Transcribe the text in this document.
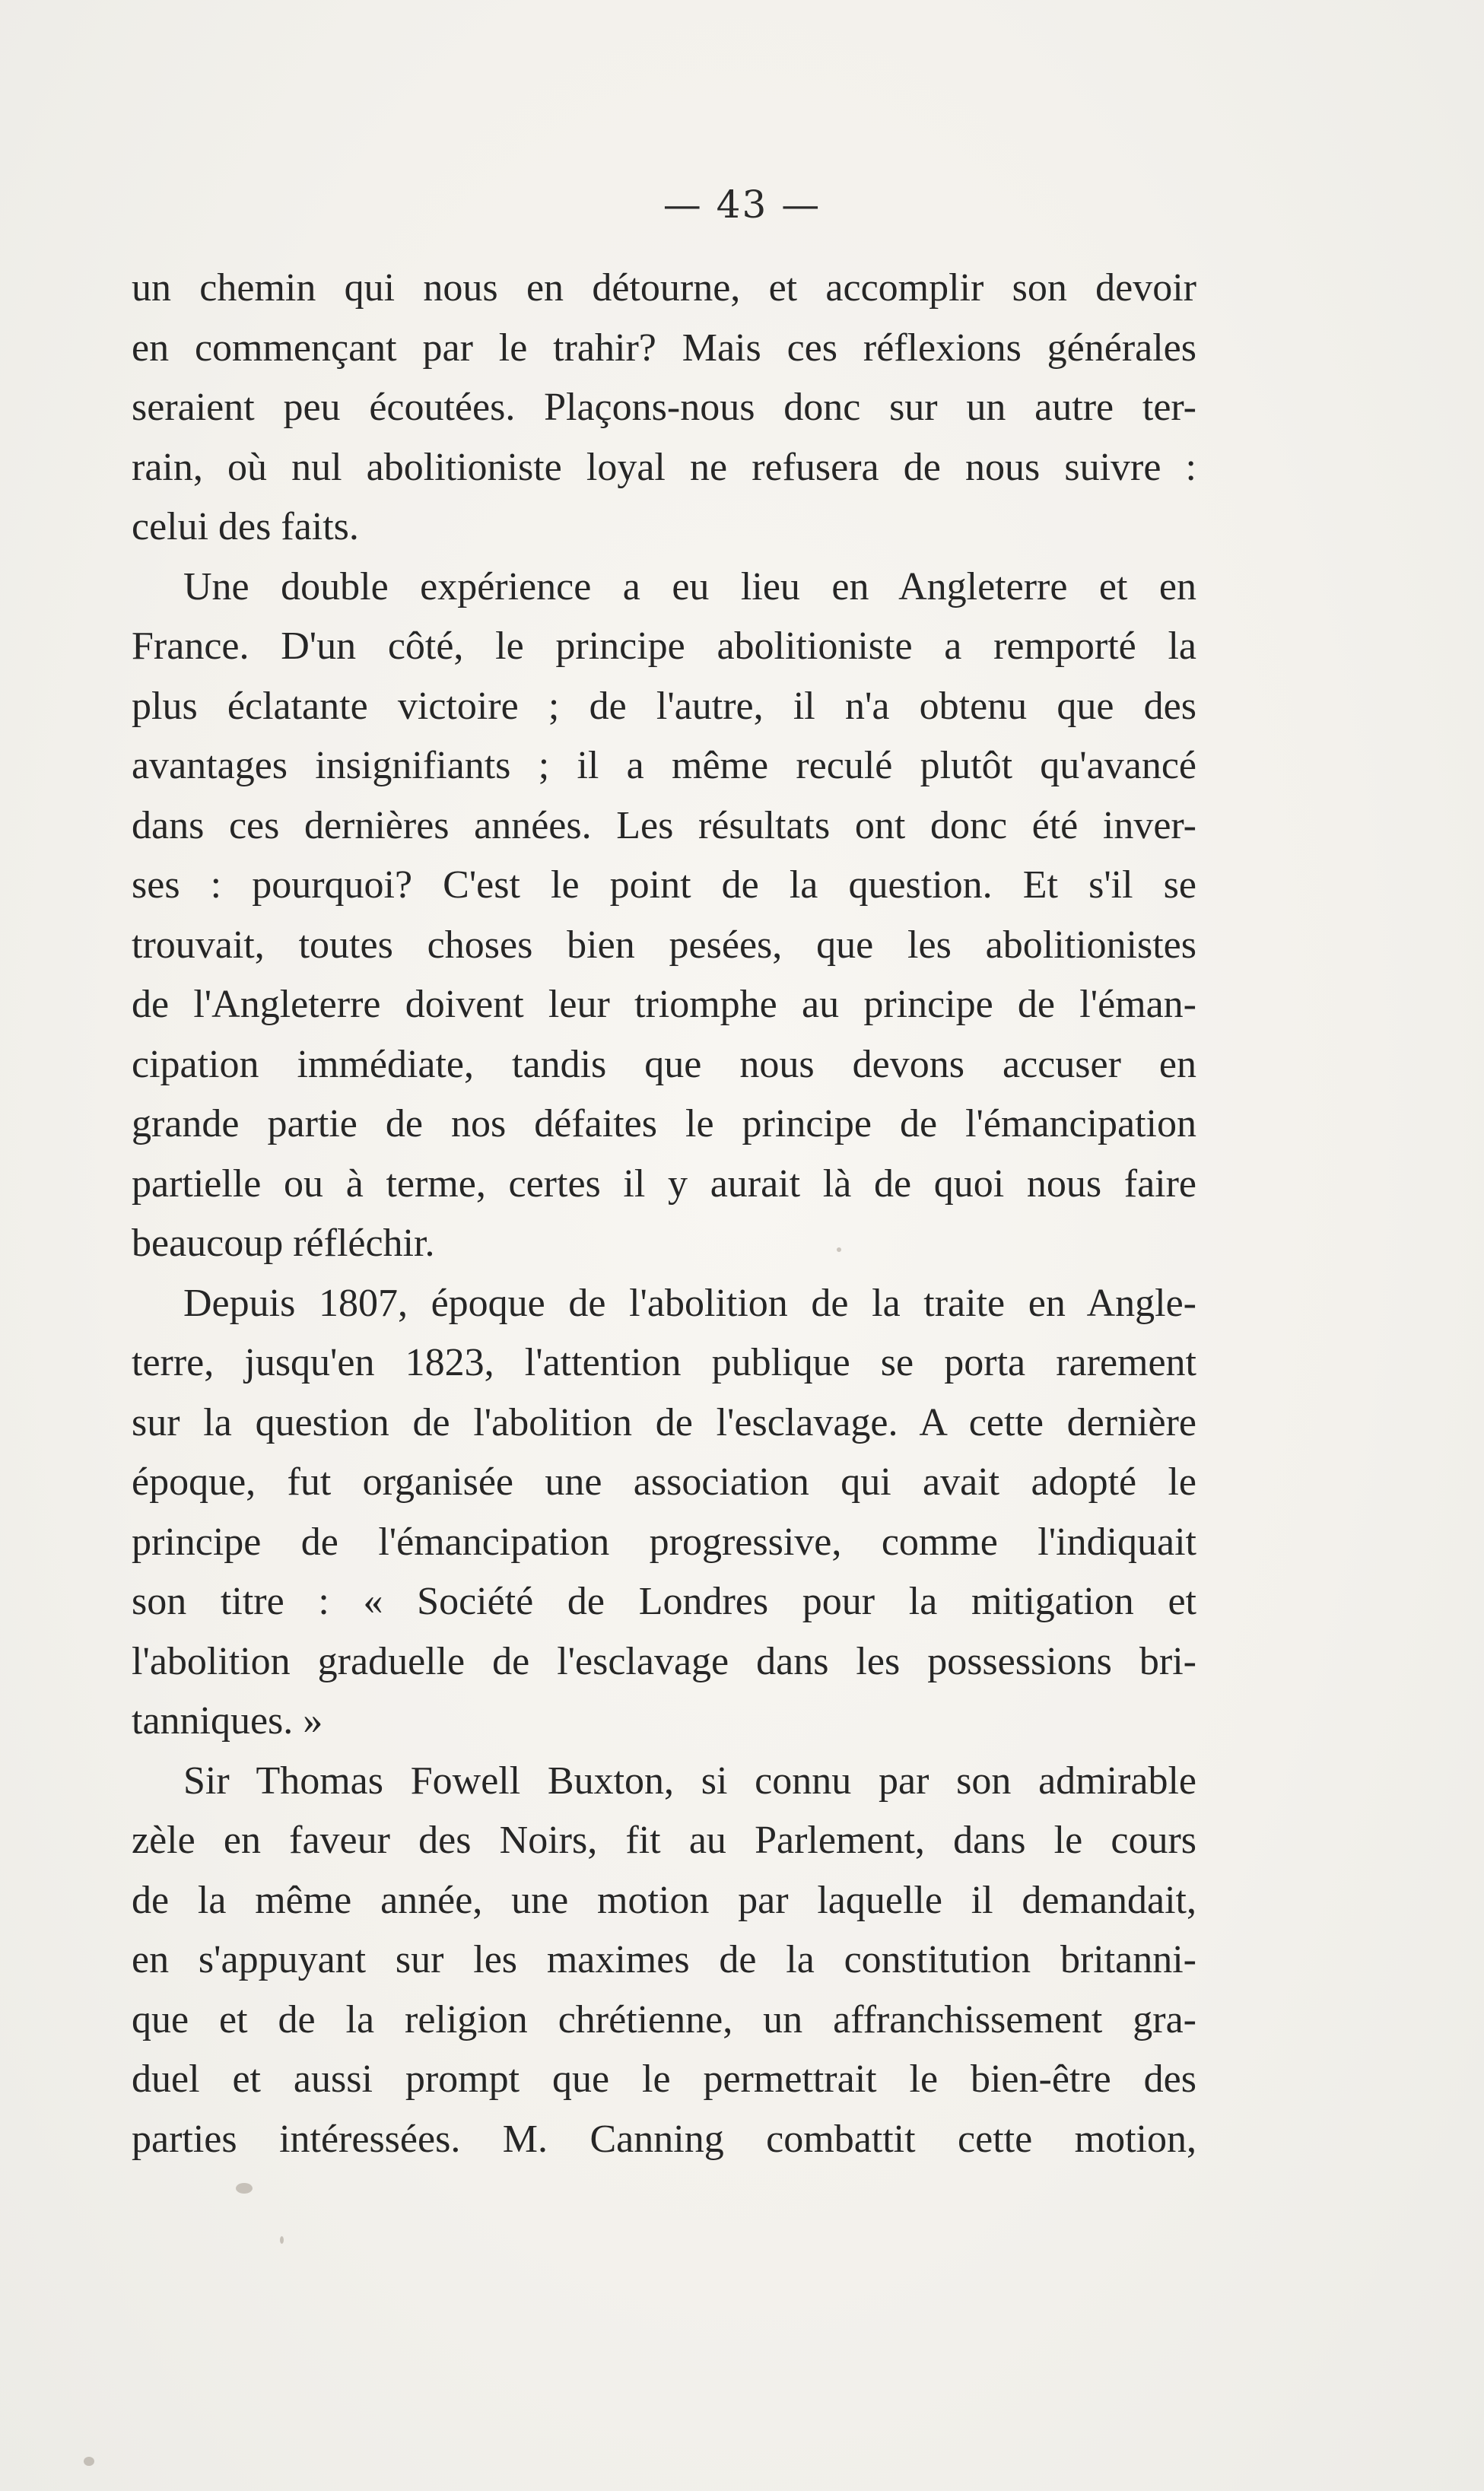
— 43 —
un chemin qui nous en détourne, et accomplir son devoir
en commençant par le trahir? Mais ces réflexions générales
seraient peu écoutées. Plaçons-nous donc sur un autre ter-
rain, où nul abolitioniste loyal ne refusera de nous suivre :
celui des faits.
Une double expérience a eu lieu en Angleterre et en
France. D'un côté, le principe abolitioniste a remporté la
plus éclatante victoire ; de l'autre, il n'a obtenu que des
avantages insignifiants ; il a même reculé plutôt qu'avancé
dans ces dernières années. Les résultats ont donc été inver-
ses : pourquoi? C'est le point de la question. Et s'il se
trouvait, toutes choses bien pesées, que les abolitionistes
de l'Angleterre doivent leur triomphe au principe de l'éman-
cipation immédiate, tandis que nous devons accuser en
grande partie de nos défaites le principe de l'émancipation
partielle ou à terme, certes il y aurait là de quoi nous faire
beaucoup réfléchir.
Depuis 1807, époque de l'abolition de la traite en Angle-
terre, jusqu'en 1823, l'attention publique se porta rarement
sur la question de l'abolition de l'esclavage. A cette dernière
époque, fut organisée une association qui avait adopté le
principe de l'émancipation progressive, comme l'indiquait
son titre : « Société de Londres pour la mitigation et
l'abolition graduelle de l'esclavage dans les possessions bri-
tanniques. »
Sir Thomas Fowell Buxton, si connu par son admirable
zèle en faveur des Noirs, fit au Parlement, dans le cours
de la même année, une motion par laquelle il demandait,
en s'appuyant sur les maximes de la constitution britanni-
que et de la religion chrétienne, un affranchissement gra-
duel et aussi prompt que le permettrait le bien-être des
parties intéressées. M. Canning combattit cette motion,
